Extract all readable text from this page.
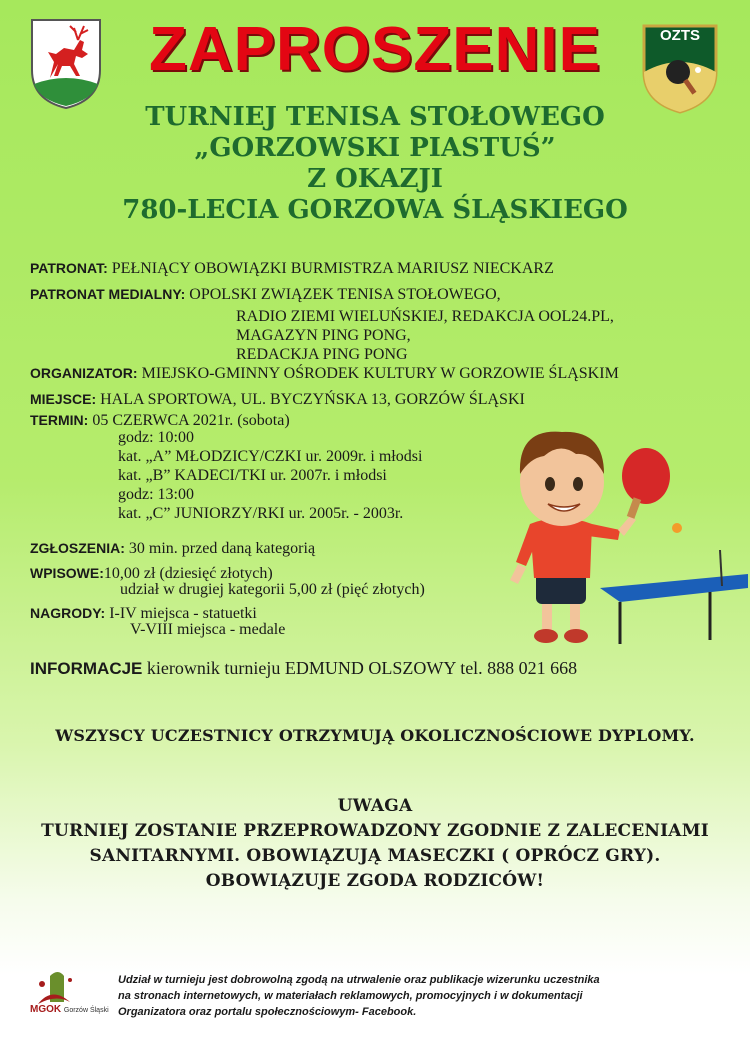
ZAPROSZENIE	OZTS
TURNIEJ TENISA STOŁOWEGO
„GORZOWSKI PIASTUŚ”
Z OKAZJI
780-LECIA GORZOWA ŚLĄSKIEGO
PATRONAT: PEŁNIĄCY OBOWIĄZKI BURMISTRZA MARIUSZ NIECKARZ
PATRONAT MEDIALNY: OPOLSKI ZWIĄZEK TENISA STOŁOWEGO,
RADIO ZIEMI WIELUŃSKIEJ, REDAKCJA OOL24.PL,
MAGAZYN PING PONG,
REDACKJA PING PONG
ORGANIZATOR: MIEJSKO-GMINNY OŚRODEK KULTURY W GORZOWIE ŚLĄSKIM
MIEJSCE: HALA SPORTOWA, UL. BYCZYŃSKA 13, GORZÓW ŚLĄSKI
TERMIN: 05 CZERWCA 2021r. (sobota)
godz: 10:00
kat. „A” MŁODZICY/CZKI ur. 2009r. i młodsi
kat. „B” KADECI/TKI ur. 2007r. i młodsi
godz: 13:00
kat. „C” JUNIORZY/RKI ur. 2005r. - 2003r.
ZGŁOSZENIA: 30 min. przed daną kategorią
WPISOWE:10,00 zł (dziesięć złotych)
udział w drugiej kategorii 5,00 zł (pięć złotych)
NAGRODY: I-IV miejsca - statuetki
V-VIII miejsca - medale
INFORMACJE kierownik turnieju EDMUND OLSZOWY tel. 888 021 668
WSZYSCY UCZESTNICY OTRZYMUJĄ OKOLICZNOŚCIOWE DYPLOMY.
UWAGA
TURNIEJ ZOSTANIE PRZEPROWADZONY ZGODNIE Z ZALECENIAMI
SANITARNYMI. OBOWIĄZUJĄ MASECZKI ( OPRÓCZ GRY).
OBOWIĄZUJE ZGODA RODZICÓW!
MGOK Gorzów Śląski
Udział w turnieju jest dobrowolną zgodą na utrwalenie oraz publikacje wizerunku uczestnika
na stronach internetowych, w materiałach reklamowych, promocyjnych i w dokumentacji
Organizatora oraz portalu społecznościowym- Facebook.
